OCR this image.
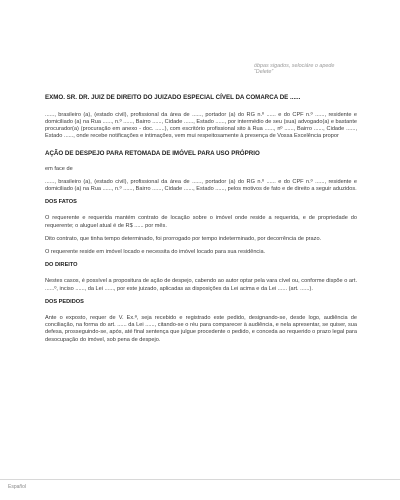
óbpas sigados, selociáre o apede “Delete”

EXMO. SR. DR. JUIZ DE DIREITO DO JUIZADO ESPECIAL CÍVEL DA COMARCA DE ......

......, brasileiro (a), (estado civil), profissional da área de ......, portador (a) do RG n.º ...... e do CPF n.º ......, residente e domiciliado (a) na Rua ......, n.º ......, Bairro ......, Cidade ......, Estado ......, por intermédio de seu (sua) advogado(a) e bastante procurador(a) (procuração em anexo - doc. ......), com escritório profissional sito à Rua ......, nº ......, Bairro ......, Cidade ......, Estado ......, onde recebe notificações e intimações, vem mui respeitosamente à presença de Vossa Excelência propor

AÇÃO DE DESPEJO PARA RETOMADA DE IMÓVEL PARA USO PRÓPRIO

em face de

......, brasileiro (a), (estado civil), profissional da área de ......, portador (a) do RG n.º ...... e do CPF n.º ......, residente e domiciliado (a) na Rua ......, n.º ......, Bairro ......, Cidade ......, Estado ......, pelos motivos de fato e de direito a seguir aduzidos.

DOS FATOS

O requerente e requerida mantém contrato de locação sobre o imóvel onde reside a requerida, e de propriedade do requerente; o aluguel atual é de R$ ...... por mês.

Dito contrato, que tinha tempo determinado, foi prorrogado por tempo indeterminado, por decorrência de prazo.

O requerente reside em imóvel locado e necessita do imóvel locado para sua residência.

DO DIREITO

Nestes casos, é possível a propositura de ação de despejo, cabendo ao autor optar pela vara cível ou, conforme dispõe o art. ......º, inciso ......, da Lei ......, por este juizado, aplicadas as disposições da Lei acima e da Lei ...... (art. ......).

DOS PEDIDOS

Ante o exposto, requer de V. Ex.ª, seja recebido e registrado este pedido, designando-se, desde logo, audiência de conciliação, na forma do art. ...... da Lei ......, citando-se o réu para comparecer à audiência, e nela apresentar, se quiser, sua defesa, prosseguindo-se, após, até final sentença que julgue procedente o pedido, e conceda ao requerido o prazo legal para desocupação do imóvel, sob pena de despejo.

Español
